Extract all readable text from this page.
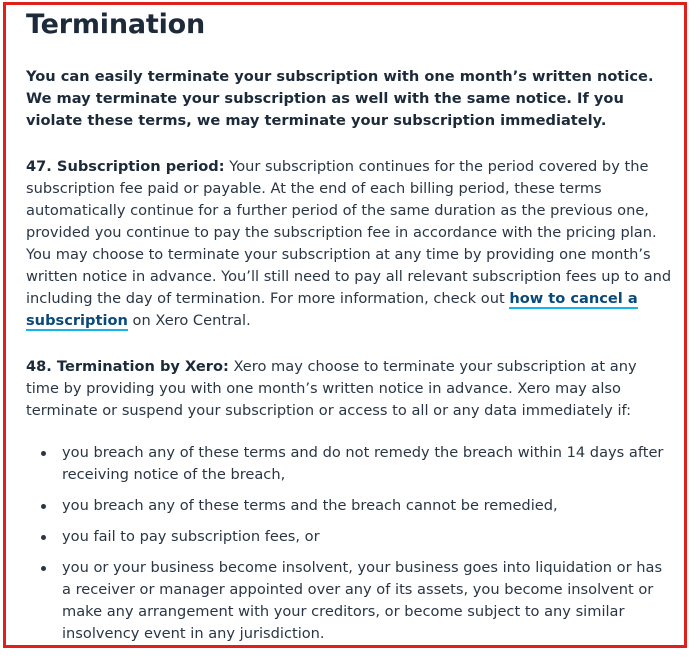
Termination

You can easily terminate your subscription with one month’s written notice. We may terminate your subscription as well with the same notice. If you violate these terms, we may terminate your subscription immediately.

47. Subscription period: Your subscription continues for the period covered by the subscription fee paid or payable. At the end of each billing period, these terms automatically continue for a further period of the same duration as the previous one, provided you continue to pay the subscription fee in accordance with the pricing plan. You may choose to terminate your subscription at any time by providing one month’s written notice in advance. You’ll still need to pay all relevant subscription fees up to and including the day of termination. For more information, check out how to cancel a subscription on Xero Central.

48. Termination by Xero: Xero may choose to terminate your subscription at any time by providing you with one month’s written notice in advance. Xero may also terminate or suspend your subscription or access to all or any data immediately if:

you breach any of these terms and do not remedy the breach within 14 days after receiving notice of the breach,
you breach any of these terms and the breach cannot be remedied,
you fail to pay subscription fees, or
you or your business become insolvent, your business goes into liquidation or has a receiver or manager appointed over any of its assets, you become insolvent or make any arrangement with your creditors, or become subject to any similar insolvency event in any jurisdiction.
